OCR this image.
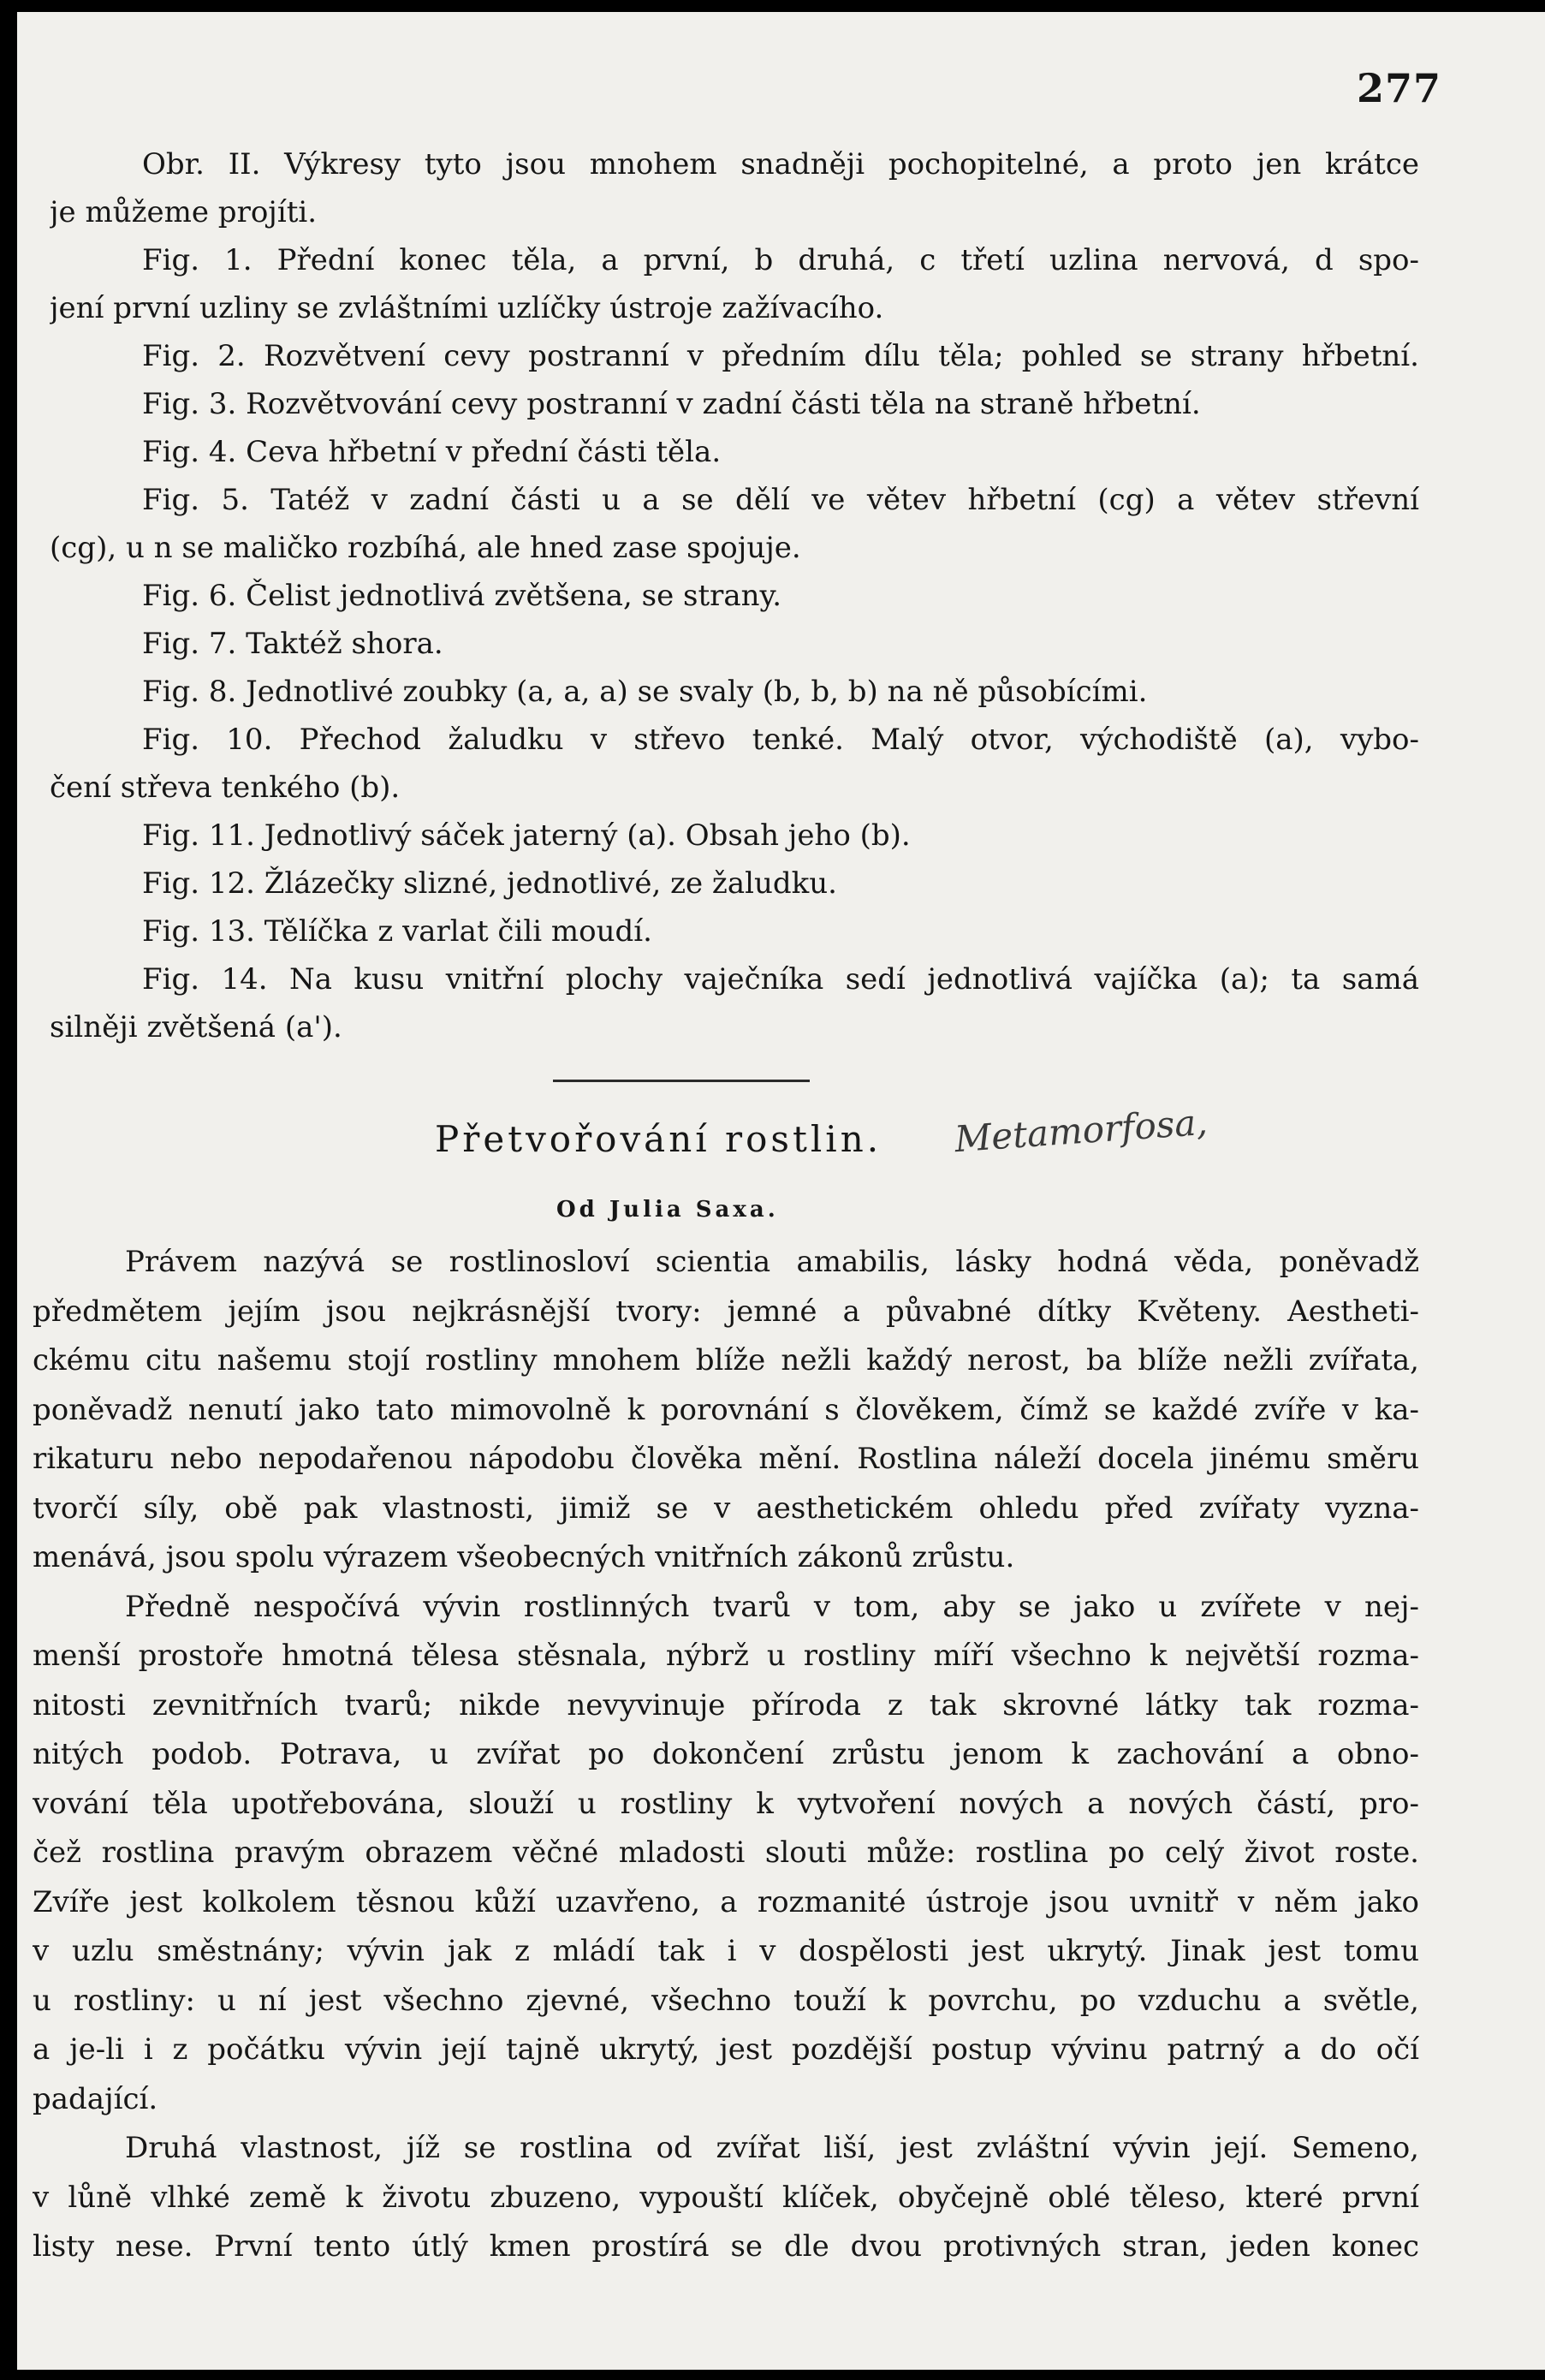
277
Obr. II. Výkresy tyto jsou mnohem snadněji pochopitelné, a proto jen krátce
je můžeme projíti.
Fig. 1. Přední konec těla, a první, b druhá, c třetí uzlina nervová, d spo-
jení první uzliny se zvláštními uzlíčky ústroje zažívacího.
Fig. 2. Rozvětvení cevy postranní v předním dílu těla; pohled se strany hřbetní.
Fig. 3. Rozvětvování cevy postranní v zadní části těla na straně hřbetní.
Fig. 4. Ceva hřbetní v přední části těla.
Fig. 5. Tatéž v zadní části u a se dělí ve větev hřbetní (cg) a větev střevní
(cg), u n se maličko rozbíhá, ale hned zase spojuje.
Fig. 6. Čelist jednotlivá zvětšena, se strany.
Fig. 7. Taktéž shora.
Fig. 8. Jednotlivé zoubky (a, a, a) se svaly (b, b, b) na ně působícími.
Fig. 10. Přechod žaludku v střevo tenké. Malý otvor, východiště (a), vybo-
čení střeva tenkého (b).
Fig. 11. Jednotlivý sáček jaterný (a). Obsah jeho (b).
Fig. 12. Žlázečky slizné, jednotlivé, ze žaludku.
Fig. 13. Tělíčka z varlat čili moudí.
Fig. 14. Na kusu vnitřní plochy vaječníka sedí jednotlivá vajíčka (a); ta samá
silněji zvětšená (a').
Přetvořování rostlin. Metamorfosa,
Od Julia Saxa.
Právem nazývá se rostlinosloví scientia amabilis, lásky hodná věda, poněvadž
předmětem jejím jsou nejkrásnější tvory: jemné a půvabné dítky Květeny. Aestheti-
ckému citu našemu stojí rostliny mnohem blíže nežli každý nerost, ba blíže nežli zvířata,
poněvadž nenutí jako tato mimovolně k porovnání s člověkem, čímž se každé zvíře v ka-
rikaturu nebo nepodařenou nápodobu člověka mění. Rostlina náleží docela jinému směru
tvorčí síly, obě pak vlastnosti, jimiž se v aesthetickém ohledu před zvířaty vyzna-
menává, jsou spolu výrazem všeobecných vnitřních zákonů zrůstu.
Předně nespočívá vývin rostlinných tvarů v tom, aby se jako u zvířete v nej-
menší prostoře hmotná tělesa stěsnala, nýbrž u rostliny míří všechno k největší rozma-
nitosti zevnitřních tvarů; nikde nevyvinuje příroda z tak skrovné látky tak rozma-
nitých podob. Potrava, u zvířat po dokončení zrůstu jenom k zachování a obno-
vování těla upotřebována, slouží u rostliny k vytvoření nových a nových částí, pro-
čež rostlina pravým obrazem věčné mladosti slouti může: rostlina po celý život roste.
Zvíře jest kolkolem těsnou kůží uzavřeno, a rozmanité ústroje jsou uvnitř v něm jako
v uzlu směstnány; vývin jak z mládí tak i v dospělosti jest ukrytý. Jinak jest tomu
u rostliny: u ní jest všechno zjevné, všechno touží k povrchu, po vzduchu a světle,
a je-li i z počátku vývin její tajně ukrytý, jest pozdější postup vývinu patrný a do očí
padající.
Druhá vlastnost, jíž se rostlina od zvířat liší, jest zvláštní vývin její. Semeno,
v lůně vlhké země k životu zbuzeno, vypouští klíček, obyčejně oblé těleso, které první
listy nese. První tento útlý kmen prostírá se dle dvou protivných stran, jeden konec
